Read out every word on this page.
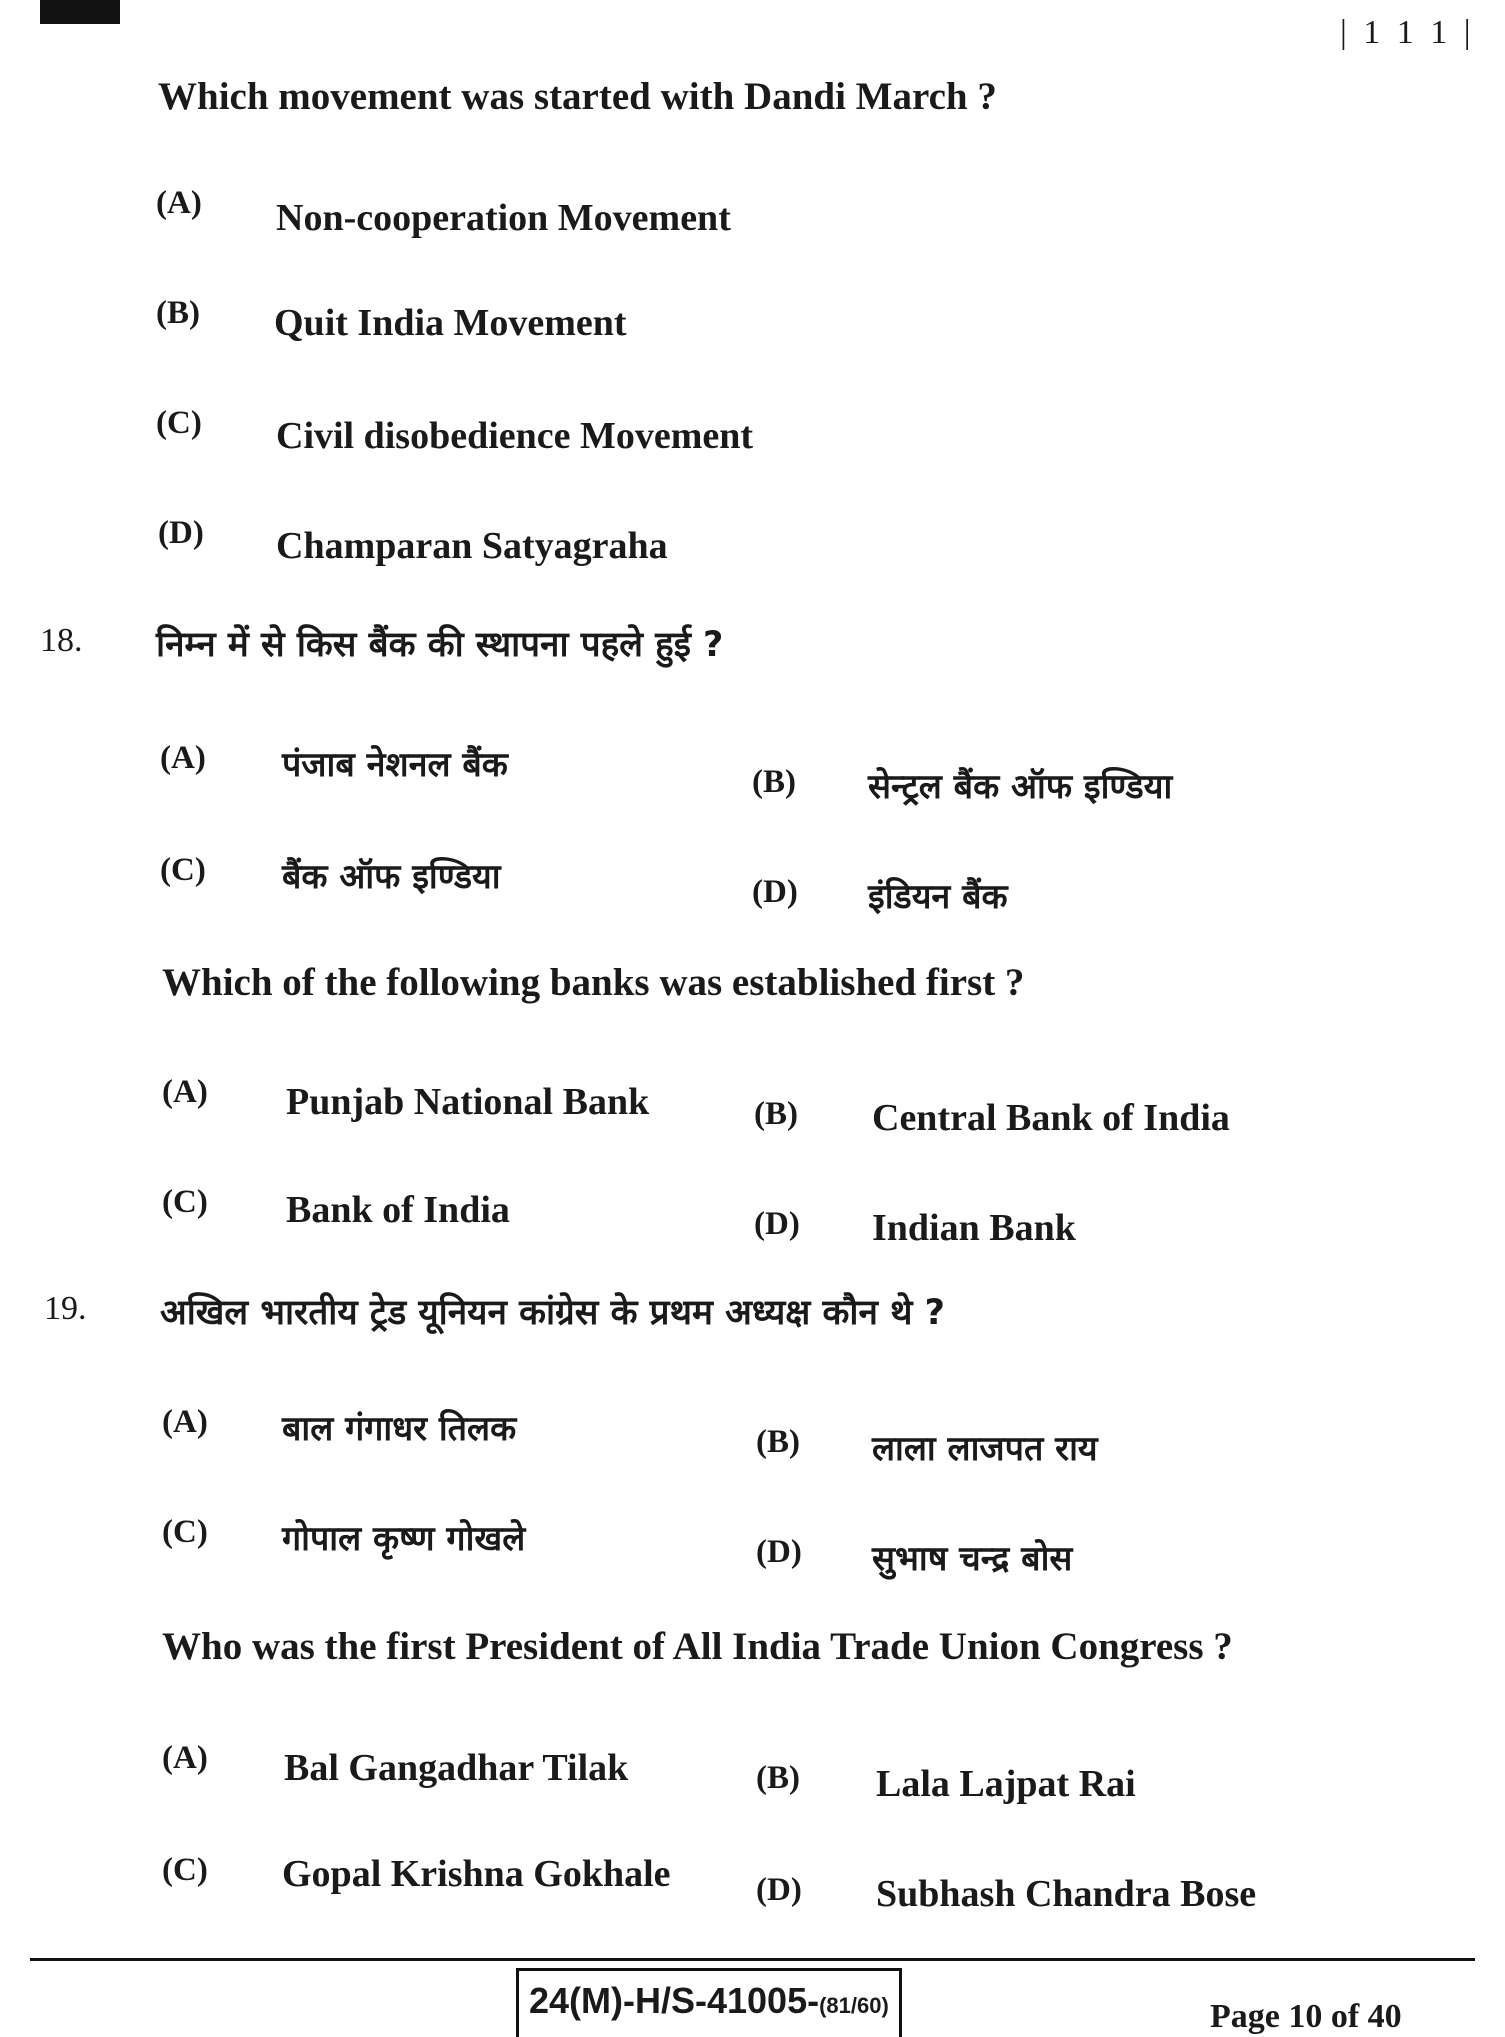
| 1 1 1 |
Which movement was started with Dandi March ?
(A) Non-cooperation Movement
(B) Quit India Movement
(C) Civil disobedience Movement
(D) Champaran Satyagraha
18. निम्न में से किस बैंक की स्थापना पहले हुई ?
(A) पंजाब नेशनल बैंक	(B) सेन्ट्रल बैंक ऑफ इण्डिया
(C) बैंक ऑफ इण्डिया	(D) इंडियन बैंक
Which of the following banks was established first ?
(A) Punjab National Bank	(B) Central Bank of India
(C) Bank of India	(D) Indian Bank
19. अखिल भारतीय ट्रेड यूनियन कांग्रेस के प्रथम अध्यक्ष कौन थे ?
(A) बाल गंगाधर तिलक	(B) लाला लाजपत राय
(C) गोपाल कृष्ण गोखले	(D) सुभाष चन्द्र बोस
Who was the first President of All India Trade Union Congress ?
(A) Bal Gangadhar Tilak	(B) Lala Lajpat Rai
(C) Gopal Krishna Gokhale	(D) Subhash Chandra Bose
24(M)-H/S-41005-(81/60)	Page 10 of 40
